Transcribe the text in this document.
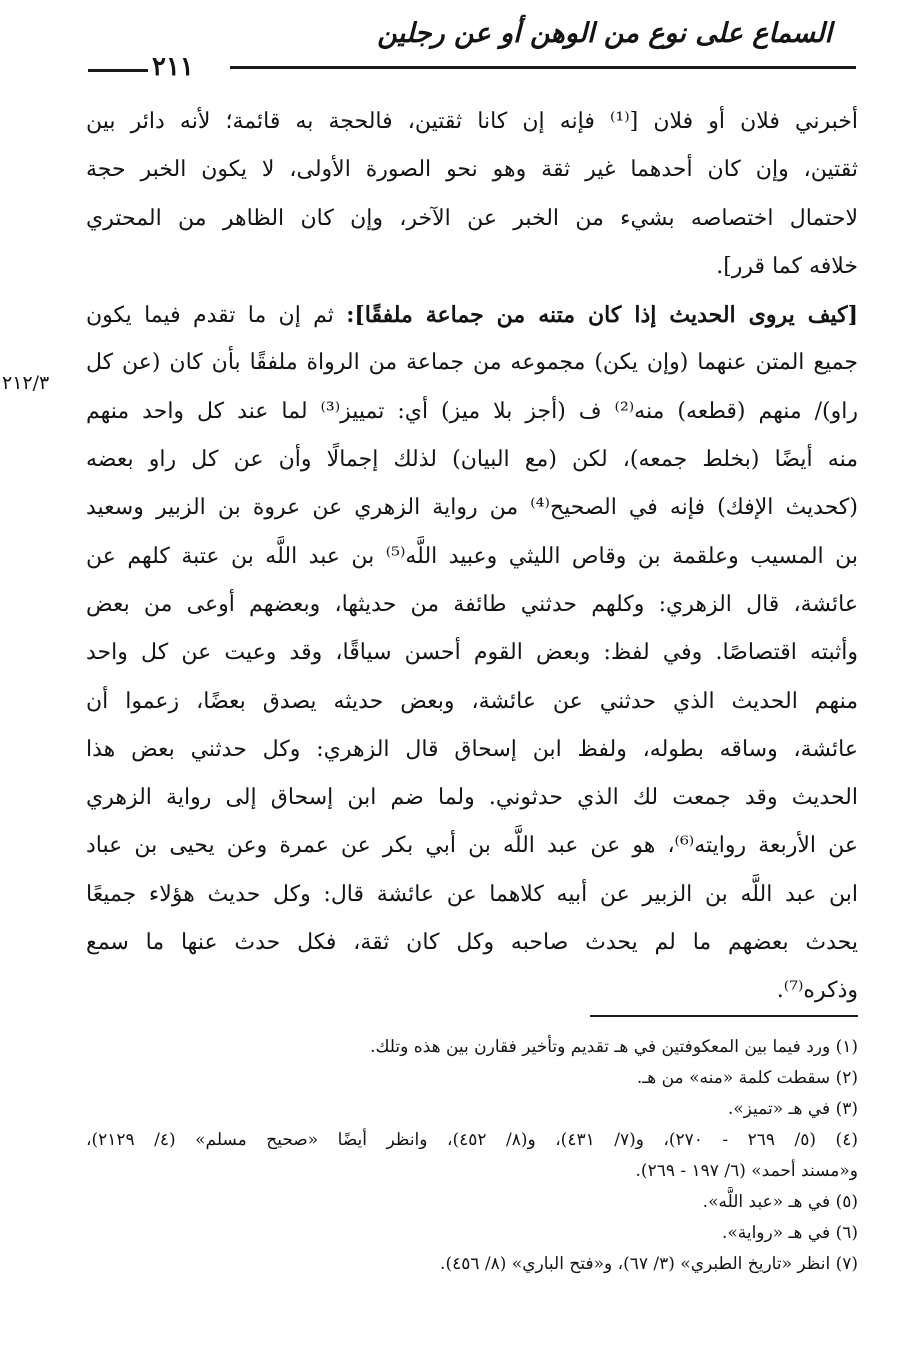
السماع على نوع من الوهن أو عن رجلين
٢١١
٢١٢/٣
أخبرني فلان أو فلان [⁽¹⁾ فإنه إن كانا ثقتين، فالحجة به قائمة؛ لأنه دائر بين
ثقتين، وإن كان أحدهما غير ثقة وهو نحو الصورة الأولى، لا يكون الخبر حجة
لاحتمال اختصاصه بشيء من الخبر عن الآخر، وإن كان الظاهر من المحتري
خلافه كما قرر].
[كيف يروى الحديث إذا كان متنه من جماعة ملفقًا]: ثم إن ما تقدم فيما يكون
جميع المتن عنهما (وإن يكن) مجموعه من جماعة من الرواة ملفقًا بأن كان (عن كل
راو)/ منهم (قطعه) منه⁽²⁾ ف (أجز بلا ميز) أي: تمييز⁽³⁾ لما عند كل واحد منهم
منه أيضًا (بخلط جمعه)، لكن (مع البيان) لذلك إجمالًا وأن عن كل راو بعضه
(كحديث الإفك) فإنه في الصحيح⁽⁴⁾ من رواية الزهري عن عروة بن الزبير وسعيد
بن المسيب وعلقمة بن وقاص الليثي وعبيد اللَّه⁽⁵⁾ بن عبد اللَّه بن عتبة كلهم عن
عائشة، قال الزهري: وكلهم حدثني طائفة من حديثها، وبعضهم أوعى من بعض
وأثبته اقتصاصًا. وفي لفظ: وبعض القوم أحسن سياقًا، وقد وعيت عن كل واحد
منهم الحديث الذي حدثني عن عائشة، وبعض حديثه يصدق بعضًا، زعموا أن
عائشة، وساقه بطوله، ولفظ ابن إسحاق قال الزهري: وكل حدثني بعض هذا
الحديث وقد جمعت لك الذي حدثوني. ولما ضم ابن إسحاق إلى رواية الزهري
عن الأربعة روايته⁽⁶⁾، هو عن عبد اللَّه بن أبي بكر عن عمرة وعن يحيى بن عباد
ابن عبد اللَّه بن الزبير عن أبيه كلاهما عن عائشة قال: وكل حديث هؤلاء جميعًا
يحدث بعضهم ما لم يحدث صاحبه وكل كان ثقة، فكل حدث عنها ما سمع
وذكره⁽⁷⁾.
(١) ورد فيما بين المعكوفتين في هـ تقديم وتأخير فقارن بين هذه وتلك.
(٢) سقطت كلمة «منه» من هـ.
(٣) في هـ «تميز».
(٤) (٥/ ٢٦٩ - ٢٧٠)، و(٧/ ٤٣١)، و(٨/ ٤٥٢)، وانظر أيضًا «صحيح مسلم» (٤/ ٢١٢٩)،
و«مسند أحمد» (٦/ ١٩٧ - ٢٦٩).
(٥) في هـ «عبد اللَّه».
(٦) في هـ «رواية».
(٧) انظر «تاريخ الطبري» (٣/ ٦٧)، و«فتح الباري» (٨/ ٤٥٦).
